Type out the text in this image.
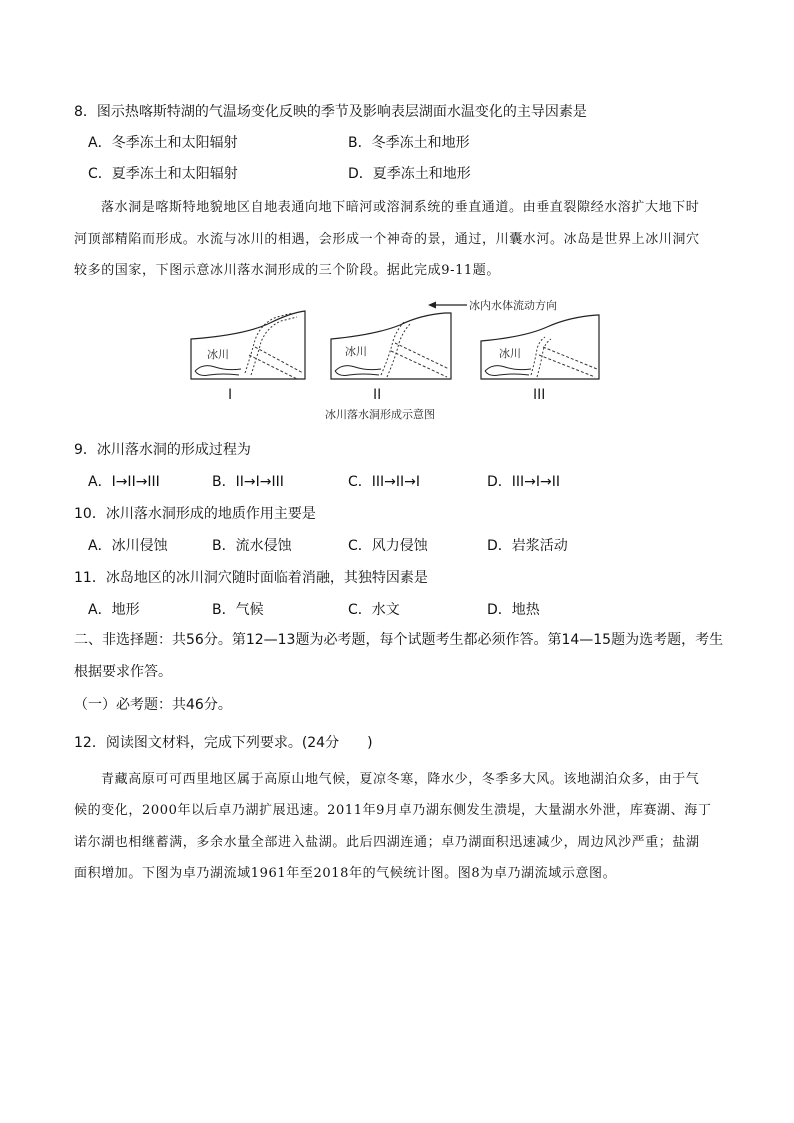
8．图示热喀斯特湖的气温场变化反映的季节及影响表层湖面水温变化的主导因素是
A．冬季冻土和太阳辐射	B．冬季冻土和地形
C．夏季冻土和太阳辐射	D．夏季冻土和地形
落水洞是喀斯特地貌地区自地表通向地下暗河或溶洞系统的垂直通道。由垂直裂隙经水溶扩大地下时
河顶部精陷而形成。水流与冰川的相遇，会形成一个神奇的景，通过，川囊水河。冰岛是世界上冰川洞穴
较多的国家，下图示意冰川落水洞形成的三个阶段。据此完成9-11题。
冰内水体流动方向
冰川
I
冰川
II
冰川
III
冰川落水洞形成示意图
9．冰川落水洞的形成过程为
A．I→II→III	B．II→I→III	C．III→II→I	D．III→I→II
10．冰川落水洞形成的地质作用主要是
A．冰川侵蚀	B．流水侵蚀	C．风力侵蚀	D．岩浆活动
11．冰岛地区的冰川洞穴随时面临着消融，其独特因素是
A．地形	B．气候	C．水文	D．地热
二、非选择题：共56分。第12—13题为必考题，每个试题考生都必须作答。第14—15题为选考题，考生
根据要求作答。
（一）必考题：共46分。
12．阅读图文材料，完成下列要求。(24分　　)
青藏高原可可西里地区属于高原山地气候，夏凉冬寒，降水少，冬季多大风。该地湖泊众多，由于气
候的变化，2000年以后卓乃湖扩展迅速。2011年9月卓乃湖东侧发生溃堤，大量湖水外泄，库赛湖、海丁
诺尔湖也相继蓄满，多余水量全部进入盐湖。此后四湖连通；卓乃湖面积迅速减少，周边风沙严重；盐湖
面积增加。下图为卓乃湖流域1961年至2018年的气候统计图。图8为卓乃湖流域示意图。
